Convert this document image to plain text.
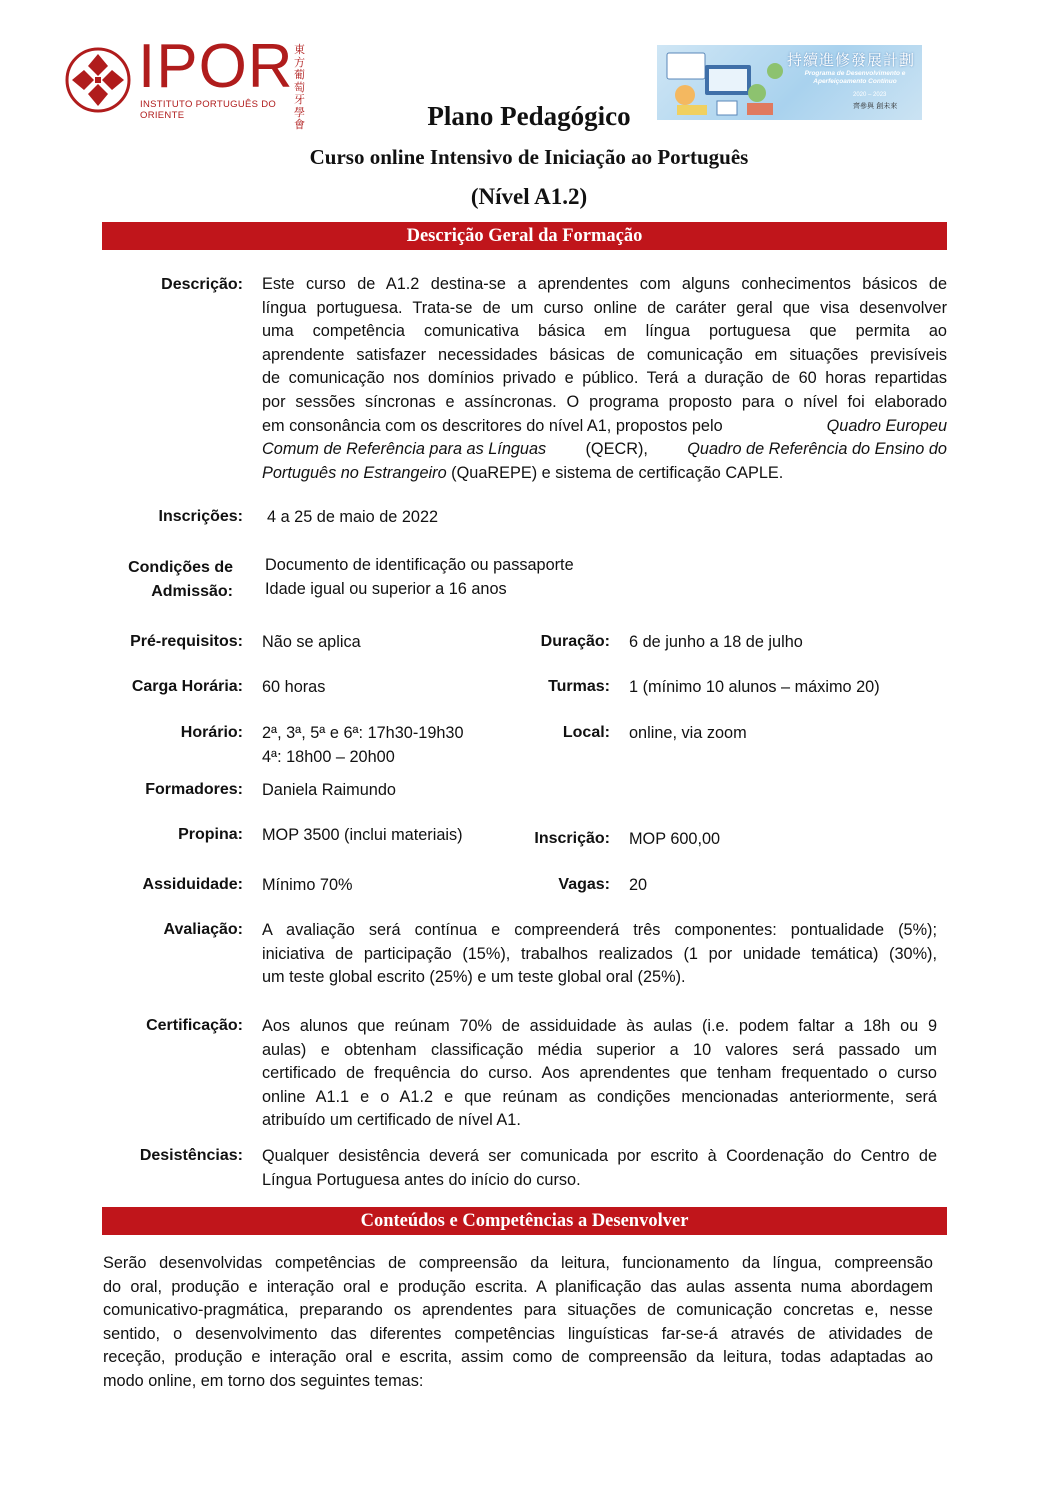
IPOR
INSTITUTO PORTUGUÊS DO ORIENTE
東方葡萄牙學會
持續進修發展計劃
Programa de Desenvolvimento e
Aperfeiçoamento Contínuo
2020 – 2023
齊參與 創未來
Plano Pedagógico
Curso online Intensivo de Iniciação ao Português
(Nível A1.2)
Descrição Geral da Formação
Descrição: Este curso de A1.2 destina-se a aprendentes com alguns conhecimentos básicos de
língua portuguesa. Trata-se de um curso online de caráter geral que visa desenvolver
uma competência comunicativa básica em língua portuguesa que permita ao
aprendente satisfazer necessidades básicas de comunicação em situações previsíveis
de comunicação nos domínios privado e público. Terá a duração de 60 horas repartidas
por sessões síncronas e assíncronas. O programa proposto para o nível foi elaborado
em consonância com os descritores do nível A1, propostos pelo	Quadro Europeu
Comum de Referência para as Línguas (QECR), Quadro de Referência do Ensino do
Português no Estrangeiro (QuaREPE) e sistema de certificação CAPLE.
Inscrições: 4 a 25 de maio de 2022
Condições de
Admissão:
Documento de identificação ou passaporte
Idade igual ou superior a 16 anos
Pré-requisitos: Não se aplica	Duração: 6 de junho a 18 de julho
Carga Horária: 60 horas	Turmas: 1 (mínimo 10 alunos – máximo 20)
Horário: 2ª, 3ª, 5ª e 6ª: 17h30-19h30
4ª: 18h00 – 20h00
Local: online, via zoom
Formadores: Daniela Raimundo
Propina: MOP 3500 (inclui materiais)	Inscrição: MOP 600,00
Assiduidade: Mínimo 70%	Vagas: 20
Avaliação: A avaliação será contínua e compreenderá três componentes: pontualidade (5%);
iniciativa de participação (15%), trabalhos realizados (1 por unidade temática) (30%),
um teste global escrito (25%) e um teste global oral (25%).
Certificação: Aos alunos que reúnam 70% de assiduidade às aulas (i.e. podem faltar a 18h ou 9
aulas) e obtenham classificação média superior a 10 valores será passado um
certificado de frequência do curso. Aos aprendentes que tenham frequentado o curso
online A1.1 e o A1.2 e que reúnam as condições mencionadas anteriormente, será
atribuído um certificado de nível A1.
Desistências: Qualquer desistência deverá ser comunicada por escrito à Coordenação do Centro de
Língua Portuguesa antes do início do curso.
Conteúdos e Competências a Desenvolver
Serão desenvolvidas competências de compreensão da leitura, funcionamento da língua, compreensão
do oral, produção e interação oral e produção escrita. A planificação das aulas assenta numa abordagem
comunicativo-pragmática, preparando os aprendentes para situações de comunicação concretas e, nesse
sentido, o desenvolvimento das diferentes competências linguísticas far-se-á através de atividades de
receção, produção e interação oral e escrita, assim como de compreensão da leitura, todas adaptadas ao
modo online, em torno dos seguintes temas:
